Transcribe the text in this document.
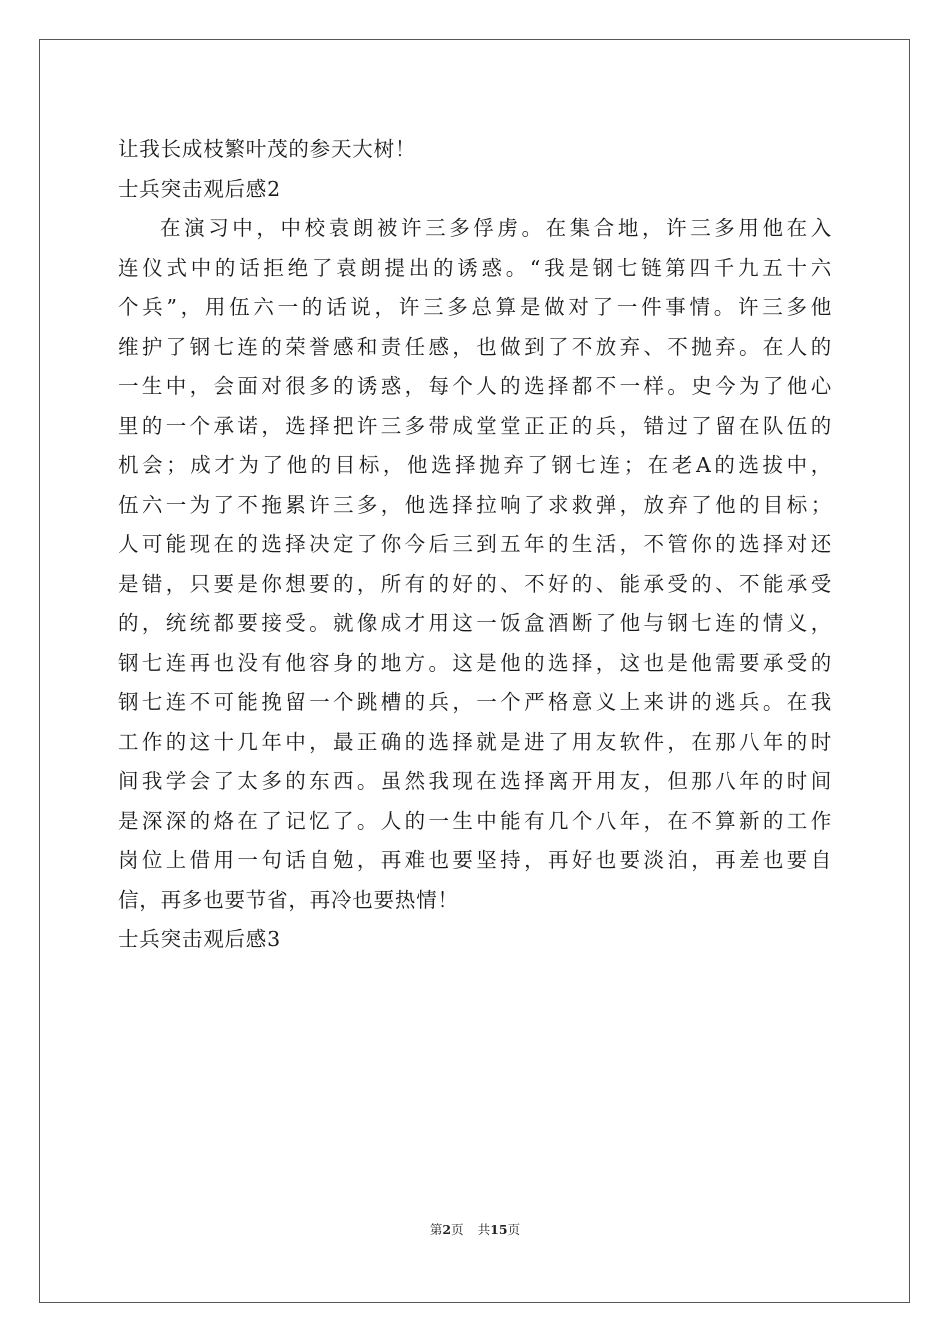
让我长成枝繁叶茂的参天大树！
士兵突击观后感2
在演习中，中校袁朗被许三多俘虏。在集合地，许三多用他在入
连仪式中的话拒绝了袁朗提出的诱惑。“我是钢七链第四千九五十六
个兵”，用伍六一的话说，许三多总算是做对了一件事情。许三多他
维护了钢七连的荣誉感和责任感，也做到了不放弃、不抛弃。在人的
一生中，会面对很多的诱惑，每个人的选择都不一样。史今为了他心
里的一个承诺，选择把许三多带成堂堂正正的兵，错过了留在队伍的
机会；成才为了他的目标，他选择抛弃了钢七连；在老A的选拔中，
伍六一为了不拖累许三多，他选择拉响了求救弹，放弃了他的目标；
人可能现在的选择决定了你今后三到五年的生活，不管你的选择对还
是错，只要是你想要的，所有的好的、不好的、能承受的、不能承受
的，统统都要接受。就像成才用这一饭盒酒断了他与钢七连的情义，
钢七连再也没有他容身的地方。这是他的选择，这也是他需要承受的
钢七连不可能挽留一个跳槽的兵，一个严格意义上来讲的逃兵。在我
工作的这十几年中，最正确的选择就是进了用友软件，在那八年的时
间我学会了太多的东西。虽然我现在选择离开用友，但那八年的时间
是深深的烙在了记忆了。人的一生中能有几个八年，在不算新的工作
岗位上借用一句话自勉，再难也要坚持，再好也要淡泊，再差也要自
信，再多也要节省，再冷也要热情！
士兵突击观后感3
第2页 共15页
